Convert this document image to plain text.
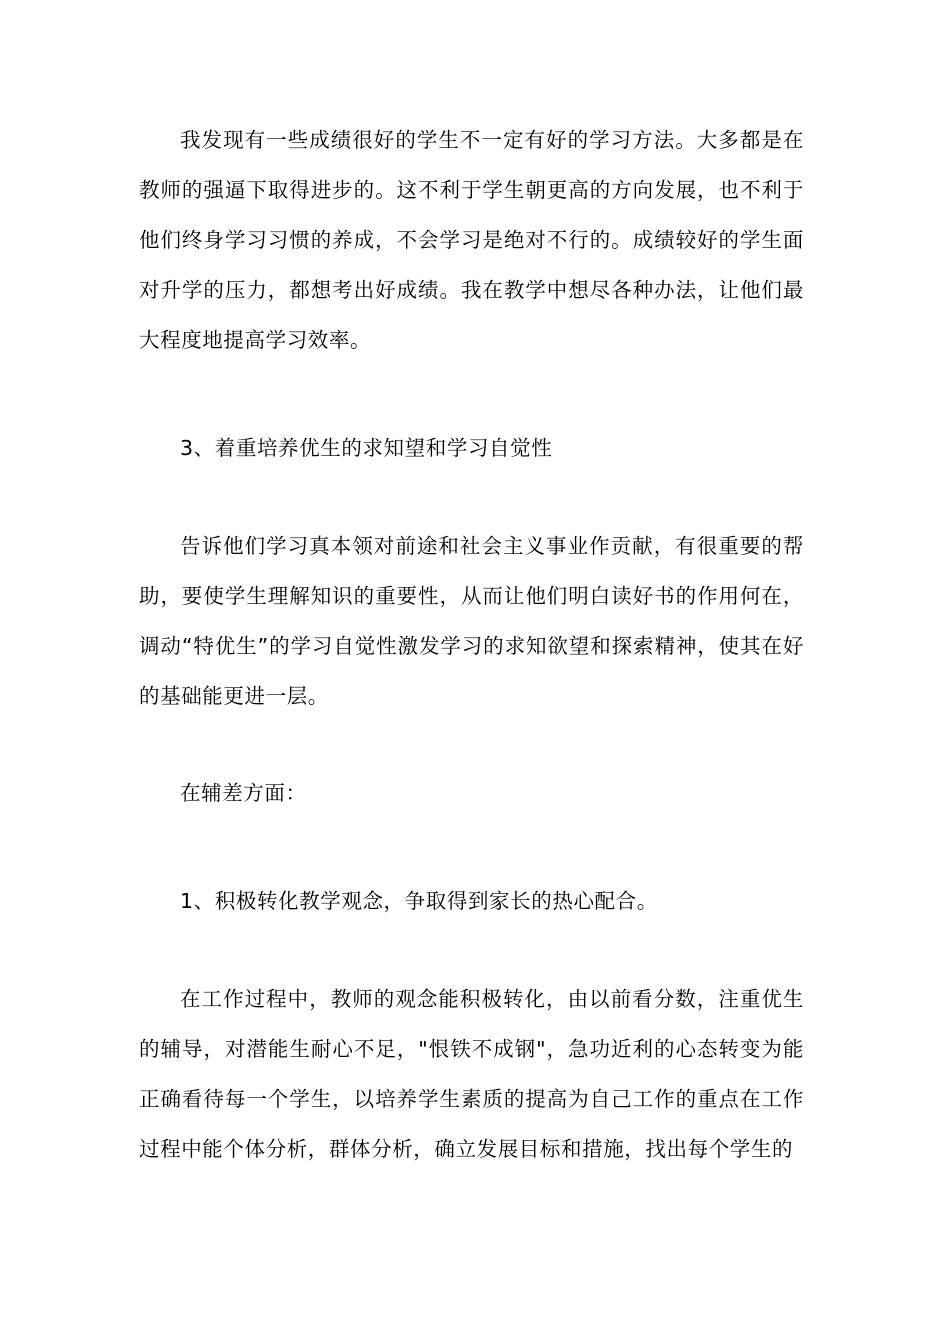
我发现有一些成绩很好的学生不一定有好的学习方法。大多都是在教师的强逼下取得进步的。这不利于学生朝更高的方向发展，也不利于他们终身学习习惯的养成，不会学习是绝对不行的。成绩较好的学生面对升学的压力，都想考出好成绩。我在教学中想尽各种办法，让他们最大程度地提高学习效率。

3、着重培养优生的求知望和学习自觉性

告诉他们学习真本领对前途和社会主义事业作贡献，有很重要的帮助，要使学生理解知识的重要性，从而让他们明白读好书的作用何在，调动“特优生”的学习自觉性激发学习的求知欲望和探索精神，使其在好的基础能更进一层。

在辅差方面：

1、积极转化教学观念，争取得到家长的热心配合。

在工作过程中，教师的观念能积极转化，由以前看分数，注重优生的辅导，对潜能生耐心不足，"恨铁不成钢"，急功近利的心态转变为能正确看待每一个学生，以培养学生素质的提高为自己工作的重点在工作过程中能个体分析，群体分析，确立发展目标和措施，找出每个学生的
